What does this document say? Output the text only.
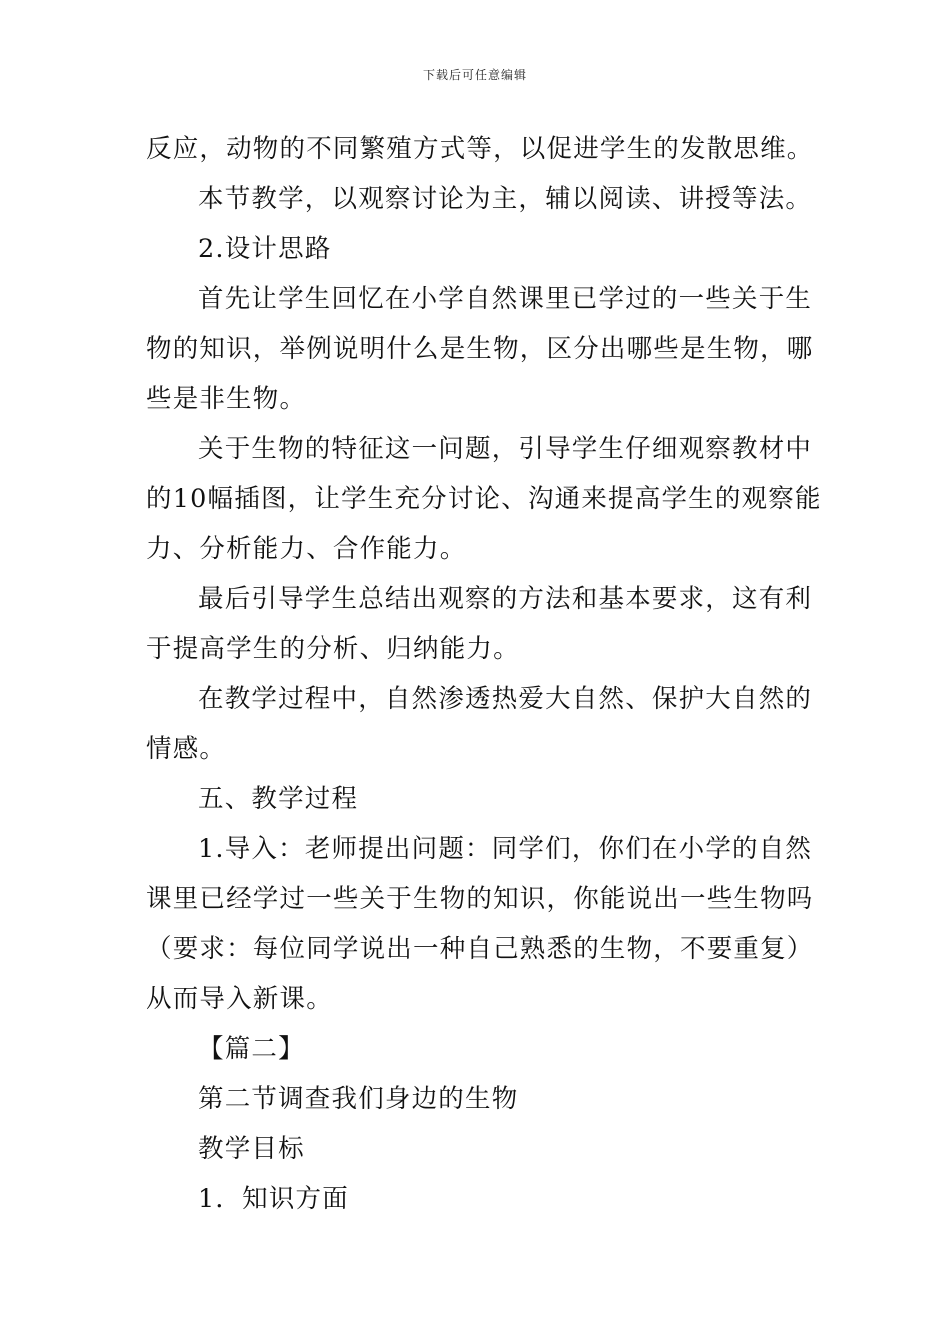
下载后可任意编辑
反应，动物的不同繁殖方式等，以促进学生的发散思维。
本节教学，以观察讨论为主，辅以阅读、讲授等法。
2.设计思路
首先让学生回忆在小学自然课里已学过的一些关于生
物的知识，举例说明什么是生物，区分出哪些是生物，哪
些是非生物。
关于生物的特征这一问题，引导学生仔细观察教材中
的10幅插图，让学生充分讨论、沟通来提高学生的观察能
力、分析能力、合作能力。
最后引导学生总结出观察的方法和基本要求，这有利
于提高学生的分析、归纳能力。
在教学过程中，自然渗透热爱大自然、保护大自然的
情感。
五、教学过程
1.导入：老师提出问题：同学们，你们在小学的自然
课里已经学过一些关于生物的知识，你能说出一些生物吗
（要求：每位同学说出一种自己熟悉的生物，不要重复）
从而导入新课。
【篇二】
第二节调查我们身边的生物
教学目标
1．知识方面
